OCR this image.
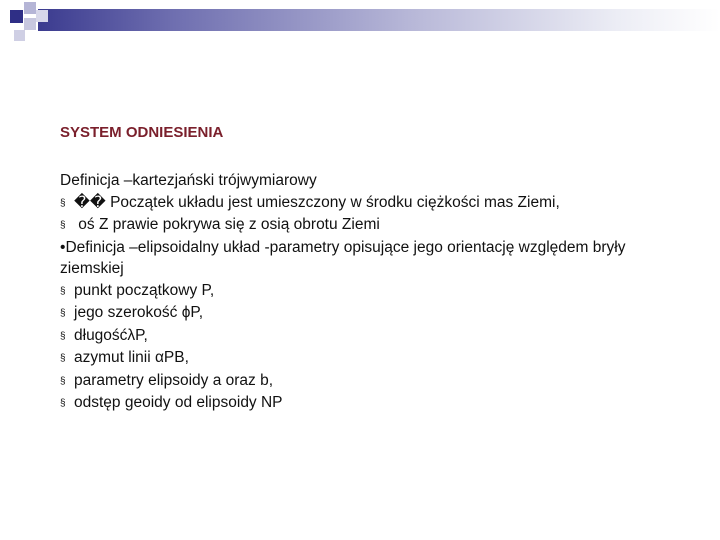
SYSTEM ODNIESIENIA
Definicja –kartezjański trójwymiarowy
§ �� Początek układu jest umieszczony w środku ciężkości mas Ziemi,
§ oś Z prawie pokrywa się z osią obrotu Ziemi
•Definicja –elipsoidalny układ -parametry opisujące jego orientację względem bryły ziemskiej
§ punkt początkowy P,
§ jego szerokość ϕP,
§ długośćλP,
§ azymut linii αPB,
§ parametry elipsoidy a oraz b,
§ odstęp geoidy od elipsoidy NP
